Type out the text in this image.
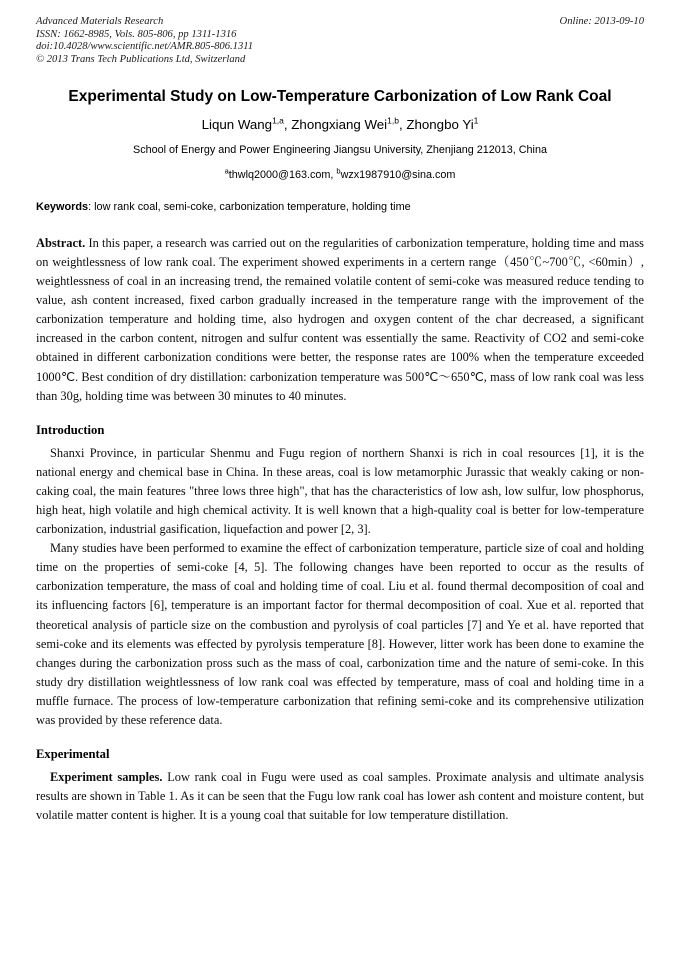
Advanced Materials Research
ISSN: 1662-8985, Vols. 805-806, pp 1311-1316
doi:10.4028/www.scientific.net/AMR.805-806.1311
© 2013 Trans Tech Publications Ltd, Switzerland
Online: 2013-09-10
Experimental Study on Low-Temperature Carbonization of Low Rank Coal
Liqun Wang$^{1,a}$, Zhongxiang Wei$^{1,b}$, Zhongbo Yi$^1$
School of Energy and Power Engineering Jiangsu University, Zhenjiang 212013, China
$^a$thwlq2000@163.com, $^b$wzx1987910@sina.com
Keywords: low rank coal, semi-coke, carbonization temperature, holding time

Abstract. In this paper, a research was carried out on the regularities of carbonization temperature, holding time and mass on weightlessness of low rank coal. The experiment showed experiments in a certern range（450℃~700℃, <60min）, weightlessness of coal in an increasing trend, the remained volatile content of semi-coke was measured reduce tending to value, ash content increased, fixed carbon gradually increased in the temperature range with the improvement of the carbonization temperature and holding time, also hydrogen and oxygen content of the char decreased, a significant increased in the carbon content, nitrogen and sulfur content was essentially the same. Reactivity of CO2 and semi-coke obtained in different carbonization conditions were better, the response rates are 100% when the temperature exceeded 1000℃. Best condition of dry distillation: carbonization temperature was 500℃～650℃, mass of low rank coal was less than 30g, holding time was between 30 minutes to 40 minutes.

Introduction

Shanxi Province, in particular Shenmu and Fugu region of northern Shanxi is rich in coal resources [1], it is the national energy and chemical base in China. In these areas, coal is low metamorphic Jurassic that weakly caking or non-caking coal, the main features "three lows three high", that has the characteristics of low ash, low sulfur, low phosphorus, high heat, high volatile and high chemical activity. It is well known that a high-quality coal is better for low-temperature carbonization, industrial gasification, liquefaction and power [2, 3].

Many studies have been performed to examine the effect of carbonization temperature, particle size of coal and holding time on the properties of semi-coke [4, 5]. The following changes have been reported to occur as the results of carbonization temperature, the mass of coal and holding time of coal. Liu et al. found thermal decomposition of coal and its influencing factors [6], temperature is an important factor for thermal decomposition of coal. Xue et al. reported that theoretical analysis of particle size on the combustion and pyrolysis of coal particles [7] and Ye et al. have reported that semi-coke and its elements was effected by pyrolysis temperature [8]. However, litter work has been done to examine the changes during the carbonization pross such as the mass of coal, carbonization time and the nature of semi-coke. In this study dry distillation weightlessness of low rank coal was effected by temperature, mass of coal and holding time in a muffle furnace. The process of low-temperature carbonization that refining semi-coke and its comprehensive utilization was provided by these reference data.

Experimental

Experiment samples. Low rank coal in Fugu were used as coal samples. Proximate analysis and ultimate analysis results are shown in Table 1. As it can be seen that the Fugu low rank coal has lower ash content and moisture content, but volatile matter content is higher. It is a young coal that suitable for low temperature distillation.
